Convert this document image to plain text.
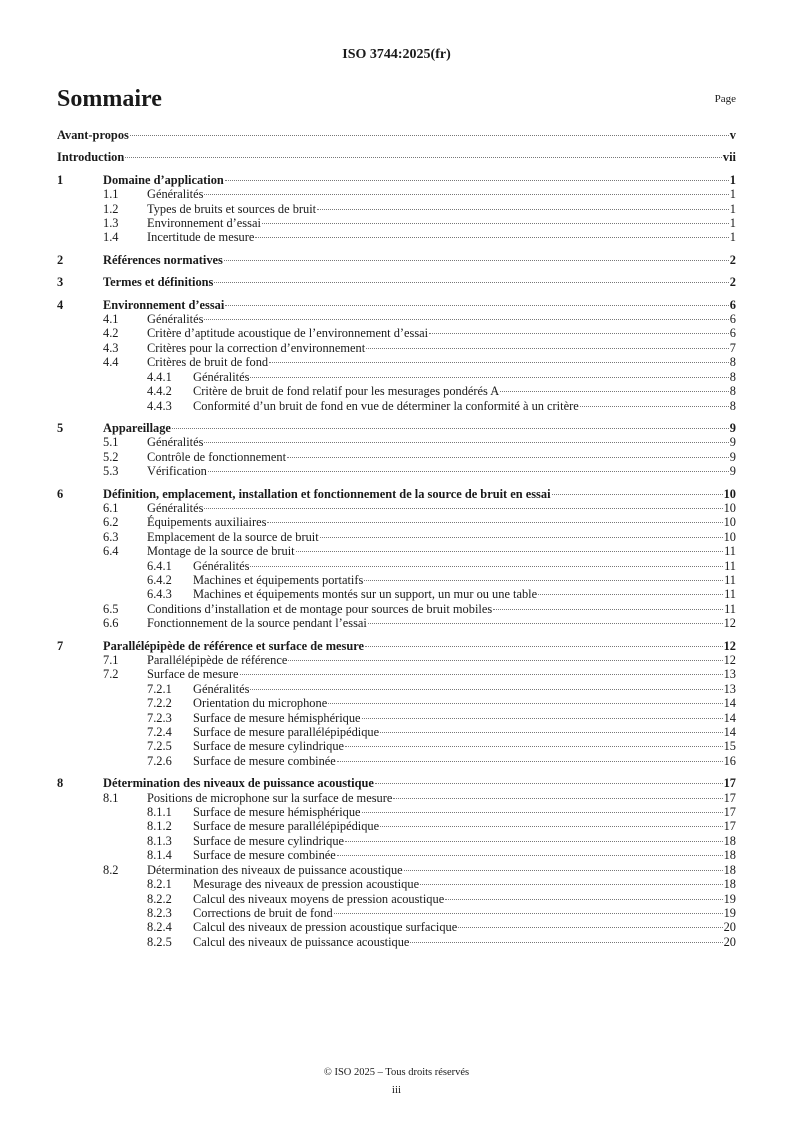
ISO 3744:2025(fr)
Sommaire	Page
Avant-propos	v
Introduction	vii
1	Domaine d’application	1
1.1	Généralités	1
1.2	Types de bruits et sources de bruit	1
1.3	Environnement d’essai	1
1.4	Incertitude de mesure	1
2	Références normatives	2
3	Termes et définitions	2
4	Environnement d’essai	6
4.1	Généralités	6
4.2	Critère d’aptitude acoustique de l’environnement d’essai	6
4.3	Critères pour la correction d’environnement	7
4.4	Critères de bruit de fond	8
4.4.1	Généralités	8
4.4.2	Critère de bruit de fond relatif pour les mesurages pondérés A	8
4.4.3	Conformité d’un bruit de fond en vue de déterminer la conformité à un critère	8
5	Appareillage	9
5.1	Généralités	9
5.2	Contrôle de fonctionnement	9
5.3	Vérification	9
6	Définition, emplacement, installation et fonctionnement de la source de bruit en essai	10
6.1	Généralités	10
6.2	Équipements auxiliaires	10
6.3	Emplacement de la source de bruit	10
6.4	Montage de la source de bruit	11
6.4.1	Généralités	11
6.4.2	Machines et équipements portatifs	11
6.4.3	Machines et équipements montés sur un support, un mur ou une table	11
6.5	Conditions d’installation et de montage pour sources de bruit mobiles	11
6.6	Fonctionnement de la source pendant l’essai	12
7	Parallélépipède de référence et surface de mesure	12
7.1	Parallélépipède de référence	12
7.2	Surface de mesure	13
7.2.1	Généralités	13
7.2.2	Orientation du microphone	14
7.2.3	Surface de mesure hémisphérique	14
7.2.4	Surface de mesure parallélépipédique	14
7.2.5	Surface de mesure cylindrique	15
7.2.6	Surface de mesure combinée	16
8	Détermination des niveaux de puissance acoustique	17
8.1	Positions de microphone sur la surface de mesure	17
8.1.1	Surface de mesure hémisphérique	17
8.1.2	Surface de mesure parallélépipédique	17
8.1.3	Surface de mesure cylindrique	18
8.1.4	Surface de mesure combinée	18
8.2	Détermination des niveaux de puissance acoustique	18
8.2.1	Mesurage des niveaux de pression acoustique	18
8.2.2	Calcul des niveaux moyens de pression acoustique	19
8.2.3	Corrections de bruit de fond	19
8.2.4	Calcul des niveaux de pression acoustique surfacique	20
8.2.5	Calcul des niveaux de puissance acoustique	20
© ISO 2025 – Tous droits réservés
iii
